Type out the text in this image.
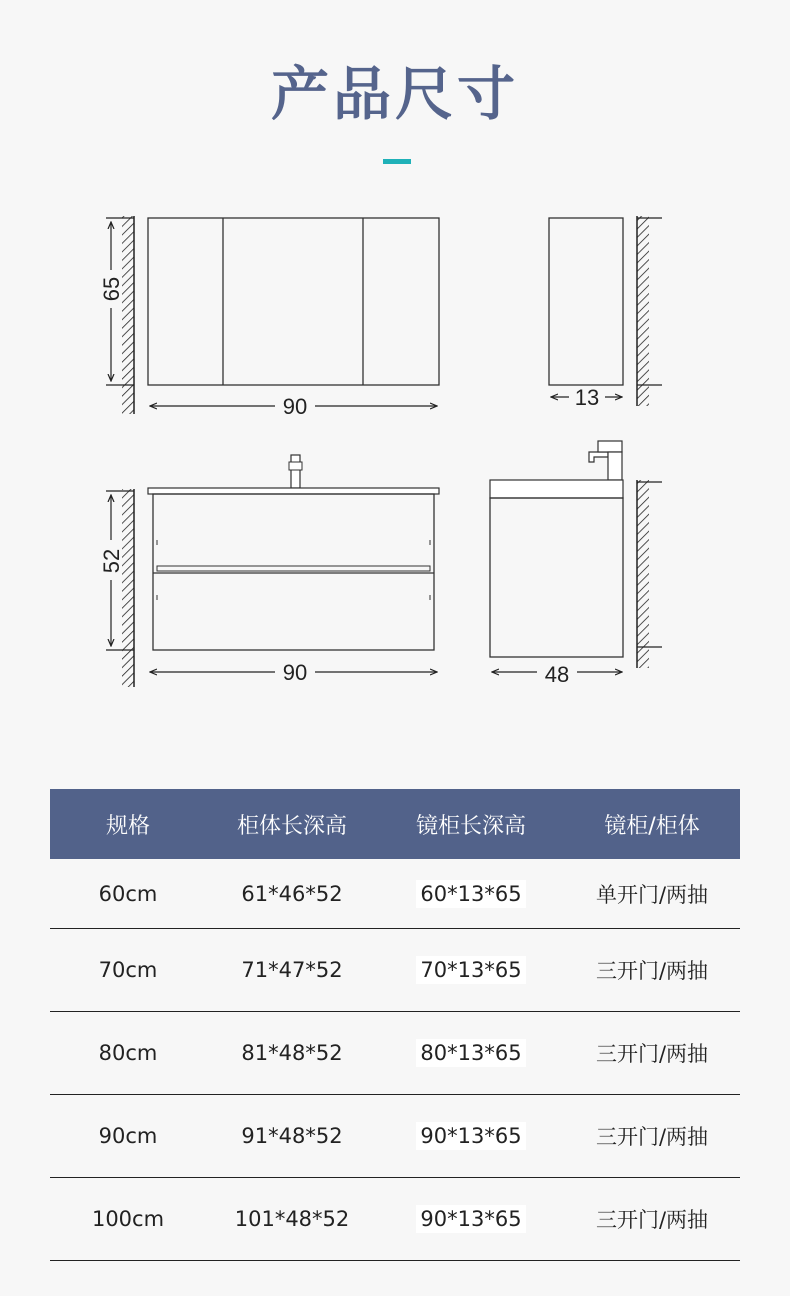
产品尺寸
65
90	13
52
90	48
规格	柜体长深高	镜柜长深高	镜柜/柜体
60cm	61*46*52	60*13*65	单开门/两抽
70cm	71*47*52	70*13*65	三开门/两抽
80cm	81*48*52	80*13*65	三开门/两抽
90cm	91*48*52	90*13*65	三开门/两抽
100cm	101*48*52	90*13*65	三开门/两抽
